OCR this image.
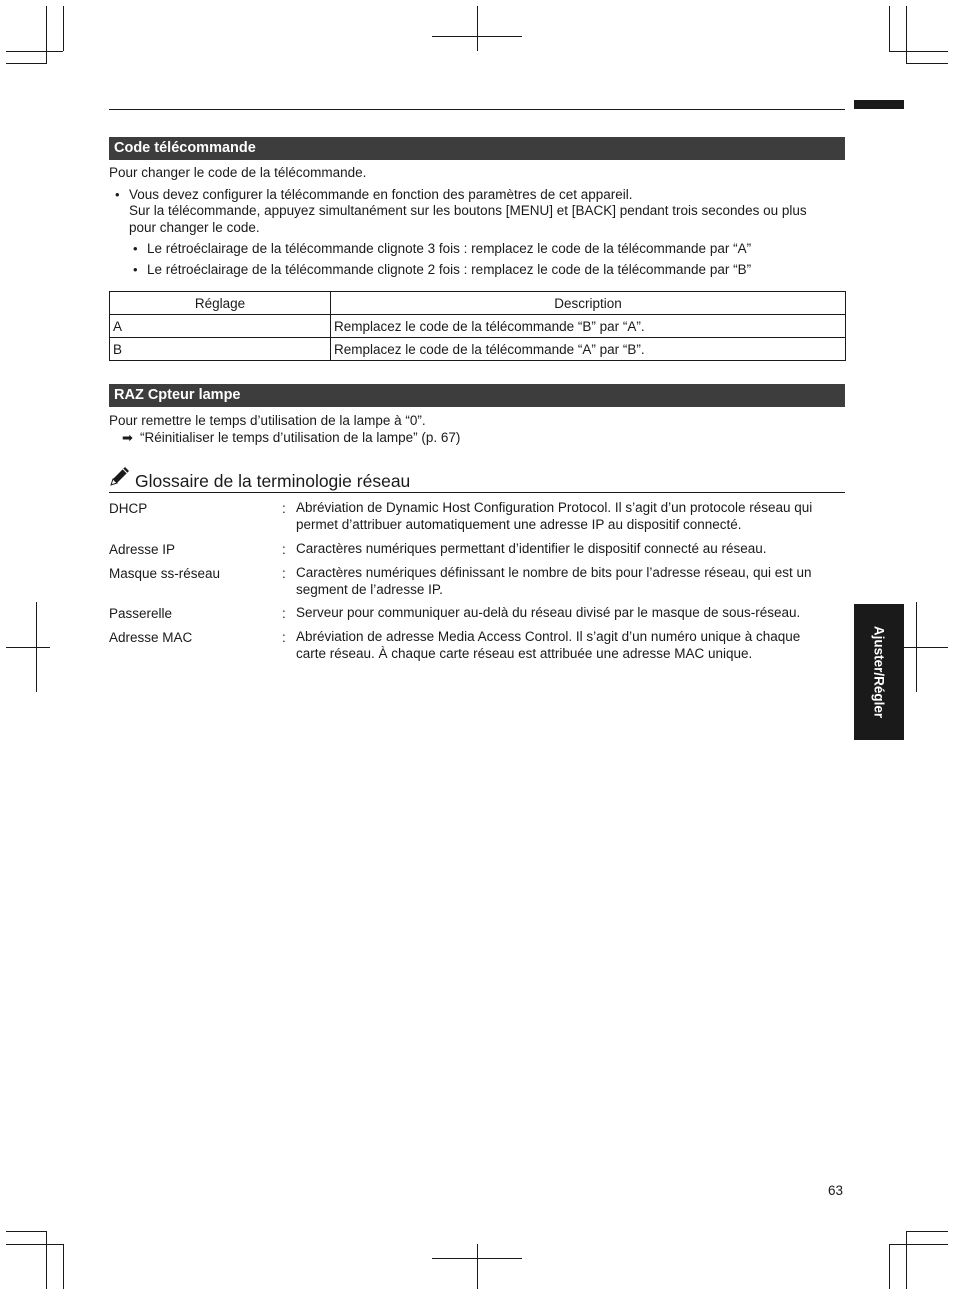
Code télécommande
Pour changer le code de la télécommande.
• Vous devez configurer la télécommande en fonction des paramètres de cet appareil.
Sur la télécommande, appuyez simultanément sur les boutons [MENU] et [BACK] pendant trois secondes ou plus
pour changer le code.
• Le rétroéclairage de la télécommande clignote 3 fois : remplacez le code de la télécommande par “A”
• Le rétroéclairage de la télécommande clignote 2 fois : remplacez le code de la télécommande par “B”
Réglage	Description
A	Remplacez le code de la télécommande “B” par “A”.
B	Remplacez le code de la télécommande “A” par “B”.
RAZ Cpteur lampe
Pour remettre le temps d’utilisation de la lampe à “0”.
➡ “Réinitialiser le temps d’utilisation de la lampe” (p. 67)
Glossaire de la terminologie réseau
DHCP	: Abréviation de Dynamic Host Configuration Protocol. Il s’agit d’un protocole réseau qui
permet d’attribuer automatiquement une adresse IP au dispositif connecté.
Adresse IP	: Caractères numériques permettant d’identifier le dispositif connecté au réseau.
Masque ss-réseau	: Caractères numériques définissant le nombre de bits pour l’adresse réseau, qui est un
segment de l’adresse IP.
Passerelle	: Serveur pour communiquer au-delà du réseau divisé par le masque de sous-réseau.
Adresse MAC	: Abréviation de adresse Media Access Control. Il s’agit d’un numéro unique à chaque
carte réseau. À chaque carte réseau est attribuée une adresse MAC unique.	Ajuster/Régler
63
